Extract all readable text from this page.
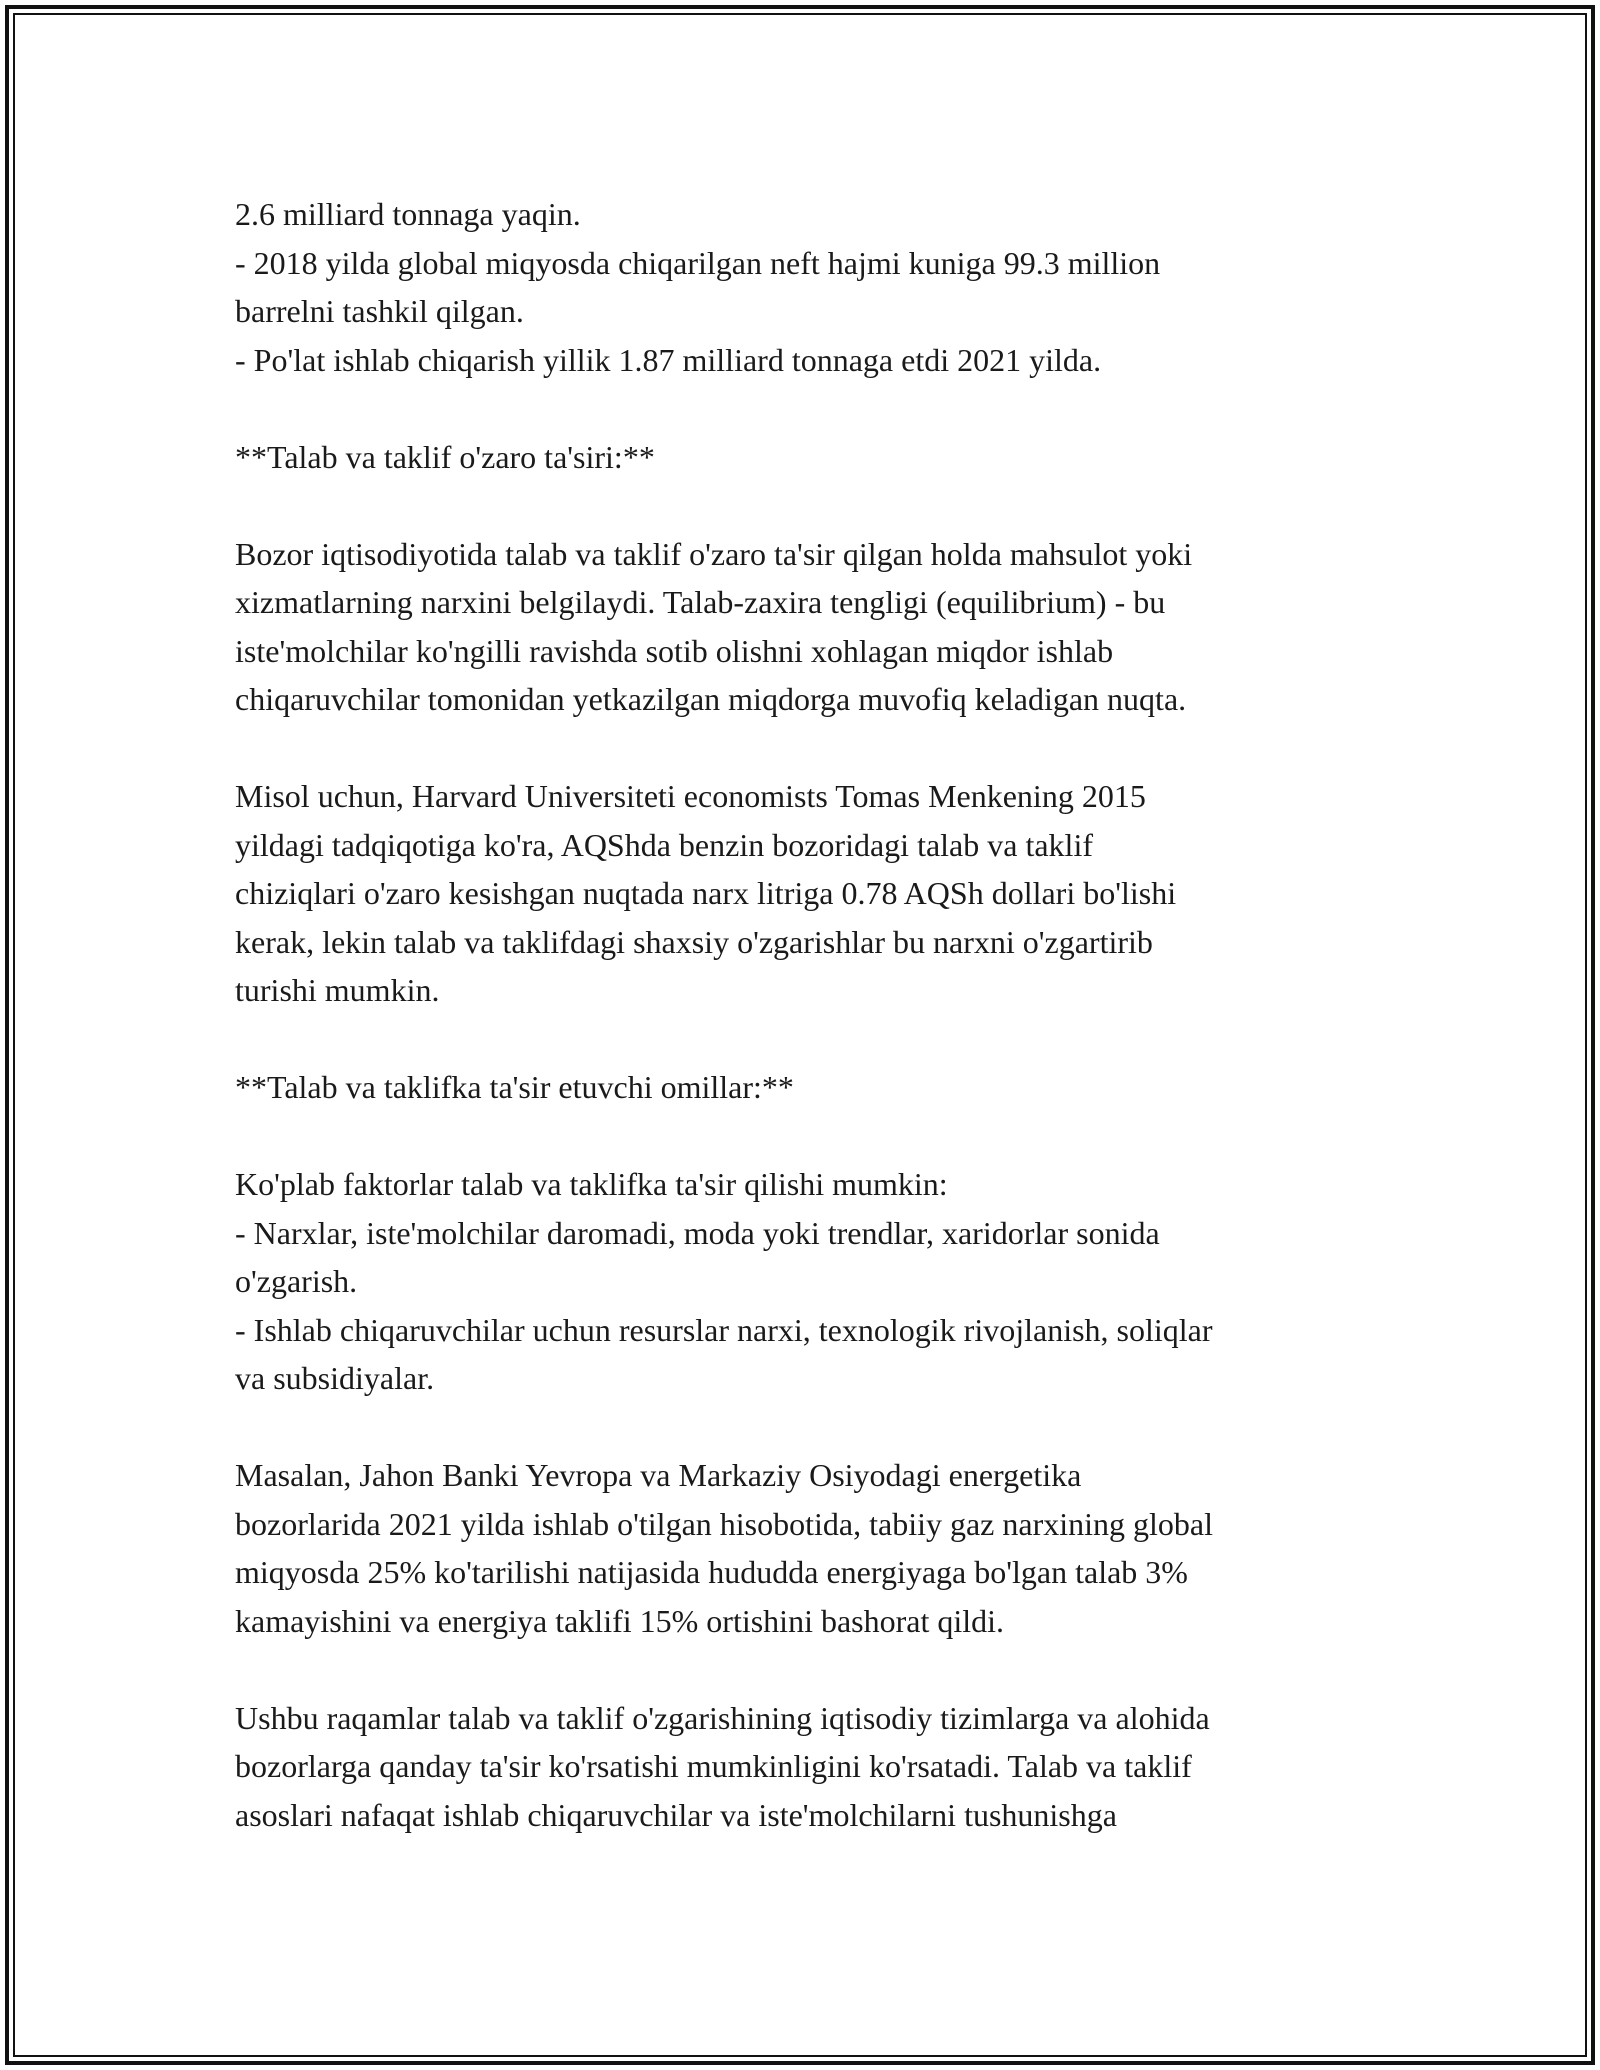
2.6 milliard tonnaga yaqin.
- 2018 yilda global miqyosda chiqarilgan neft hajmi kuniga 99.3 million
barrelni tashkil qilgan.
- Po'lat ishlab chiqarish yillik 1.87 milliard tonnaga etdi 2021 yilda.
**Talab va taklif o'zaro ta'siri:**
Bozor iqtisodiyotida talab va taklif o'zaro ta'sir qilgan holda mahsulot yoki
xizmatlarning narxini belgilaydi. Talab-zaxira tengligi (equilibrium) - bu
iste'molchilar ko'ngilli ravishda sotib olishni xohlagan miqdor ishlab
chiqaruvchilar tomonidan yetkazilgan miqdorga muvofiq keladigan nuqta.
Misol uchun, Harvard Universiteti economists Tomas Menkening 2015
yildagi tadqiqotiga ko'ra, AQShda benzin bozoridagi talab va taklif
chiziqlari o'zaro kesishgan nuqtada narx litriga 0.78 AQSh dollari bo'lishi
kerak, lekin talab va taklifdagi shaxsiy o'zgarishlar bu narxni o'zgartirib
turishi mumkin.
**Talab va taklifka ta'sir etuvchi omillar:**
Ko'plab faktorlar talab va taklifka ta'sir qilishi mumkin:
- Narxlar, iste'molchilar daromadi, moda yoki trendlar, xaridorlar sonida
o'zgarish.
- Ishlab chiqaruvchilar uchun resurslar narxi, texnologik rivojlanish, soliqlar
va subsidiyalar.
Masalan, Jahon Banki Yevropa va Markaziy Osiyodagi energetika
bozorlarida 2021 yilda ishlab o'tilgan hisobotida, tabiiy gaz narxining global
miqyosda 25% ko'tarilishi natijasida hududda energiyaga bo'lgan talab 3%
kamayishini va energiya taklifi 15% ortishini bashorat qildi.
Ushbu raqamlar talab va taklif o'zgarishining iqtisodiy tizimlarga va alohida
bozorlarga qanday ta'sir ko'rsatishi mumkinligini ko'rsatadi. Talab va taklif
asoslari nafaqat ishlab chiqaruvchilar va iste'molchilarni tushunishga
